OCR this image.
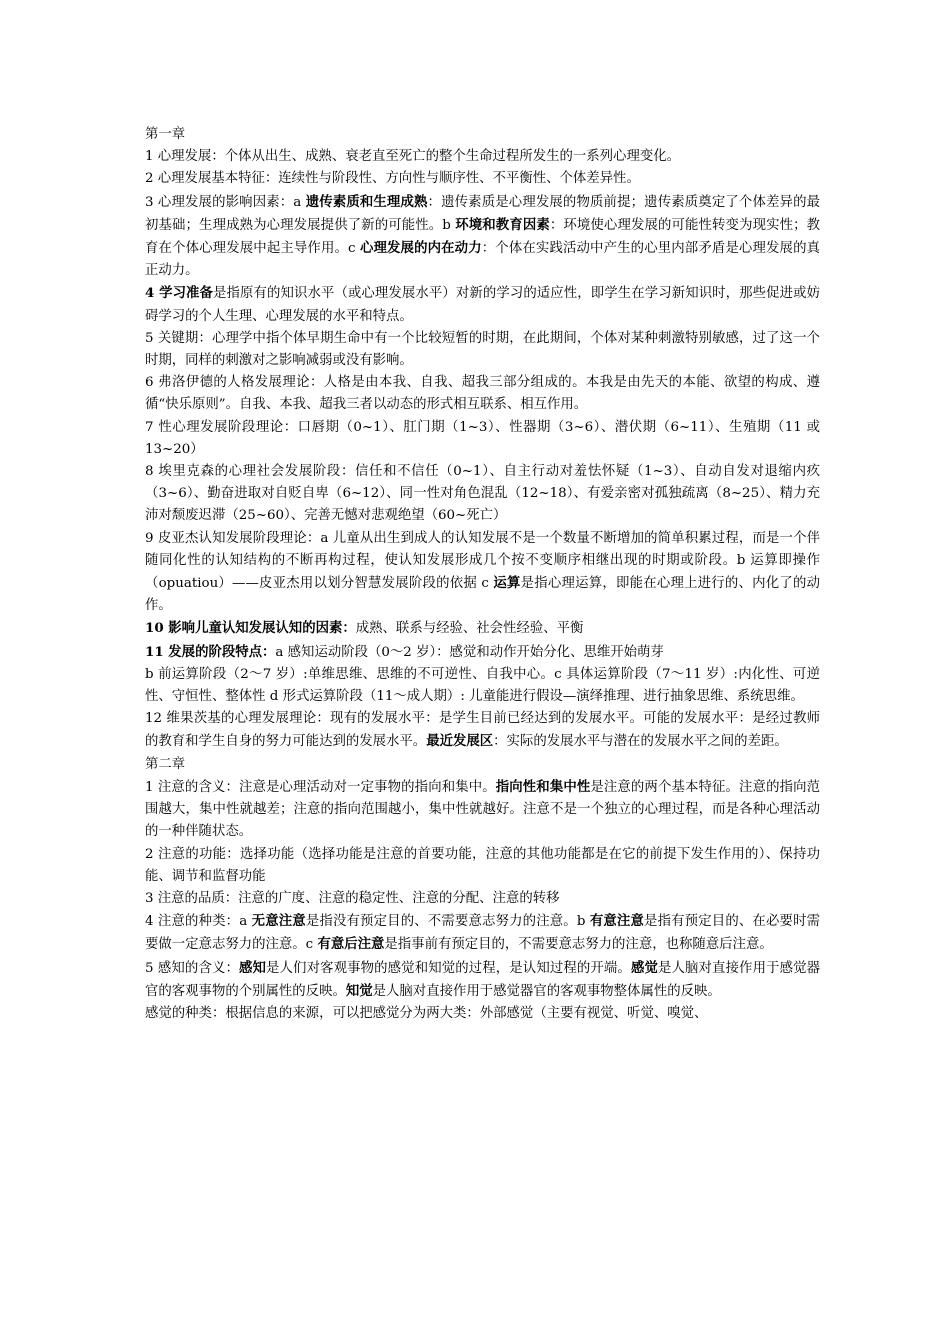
第一章

1 心理发展：个体从出生、成熟、衰老直至死亡的整个生命过程所发生的一系列心理变化。

2 心理发展基本特征：连续性与阶段性、方向性与顺序性、不平衡性、个体差异性。

3 心理发展的影响因素：a 遗传素质和生理成熟：遗传素质是心理发展的物质前提；遗传素质奠定了个体差异的最初基础；生理成熟为心理发展提供了新的可能性。b 环境和教育因素：环境使心理发展的可能性转变为现实性；教育在个体心理发展中起主导作用。c 心理发展的内在动力：个体在实践活动中产生的心里内部矛盾是心理发展的真正动力。

4 学习准备是指原有的知识水平（或心理发展水平）对新的学习的适应性，即学生在学习新知识时，那些促进或妨碍学习的个人生理、心理发展的水平和特点。

5 关键期：心理学中指个体早期生命中有一个比较短暂的时期，在此期间，个体对某种刺激特别敏感，过了这一个时期，同样的刺激对之影响减弱或没有影响。

6 弗洛伊德的人格发展理论：人格是由本我、自我、超我三部分组成的。本我是由先天的本能、欲望的构成、遵循“快乐原则”。自我、本我、超我三者以动态的形式相互联系、相互作用。

7 性心理发展阶段理论：口唇期（0~1）、肛门期（1~3）、性器期（3~6）、潜伏期（6~11）、生殖期（11 或 13~20）

8 埃里克森的心理社会发展阶段：信任和不信任（0~1）、自主行动对羞怯怀疑（1~3）、自动自发对退缩内疚（3~6）、勤奋进取对自贬自卑（6~12）、同一性对角色混乱（12~18）、有爱亲密对孤独疏离（8~25）、精力充沛对颓废迟滞（25~60）、完善无憾对悲观绝望（60~死亡）

9 皮亚杰认知发展阶段理论：a 儿童从出生到成人的认知发展不是一个数量不断增加的简单积累过程，而是一个伴随同化性的认知结构的不断再构过程，使认知发展形成几个按不变顺序相继出现的时期或阶段。b 运算即操作（opuatiou）——皮亚杰用以划分智慧发展阶段的依据 c 运算是指心理运算，即能在心理上进行的、内化了的动作。

10 影响儿童认知发展认知的因素：成熟、联系与经验、社会性经验、平衡

11 发展的阶段特点：a 感知运动阶段（0～2 岁）：感觉和动作开始分化、思维开始萌芽

b 前运算阶段（2～7 岁）:单维思维、思维的不可逆性、自我中心。c 具体运算阶段（7～11 岁）:内化性、可逆性、守恒性、整体性 d 形式运算阶段（11～成人期）: 儿童能进行假设—演绎推理、进行抽象思维、系统思维。

12 维果茨基的心理发展理论：现有的发展水平：是学生目前已经达到的发展水平。可能的发展水平：是经过教师的教育和学生自身的努力可能达到的发展水平。最近发展区：实际的发展水平与潜在的发展水平之间的差距。

第二章

1 注意的含义：注意是心理活动对一定事物的指向和集中。指向性和集中性是注意的两个基本特征。注意的指向范围越大，集中性就越差；注意的指向范围越小，集中性就越好。注意不是一个独立的心理过程，而是各种心理活动的一种伴随状态。

2 注意的功能：选择功能（选择功能是注意的首要功能，注意的其他功能都是在它的前提下发生作用的）、保持功能、调节和监督功能

3 注意的品质：注意的广度、注意的稳定性、注意的分配、注意的转移

4 注意的种类：a 无意注意是指没有预定目的、不需要意志努力的注意。b 有意注意是指有预定目的、在必要时需要做一定意志努力的注意。c 有意后注意是指事前有预定目的，不需要意志努力的注意，也称随意后注意。

5 感知的含义：感知是人们对客观事物的感觉和知觉的过程，是认知过程的开端。感觉是人脑对直接作用于感觉器官的客观事物的个别属性的反映。知觉是人脑对直接作用于感觉器官的客观事物整体属性的反映。

感觉的种类：根据信息的来源，可以把感觉分为两大类：外部感觉（主要有视觉、听觉、嗅觉、
